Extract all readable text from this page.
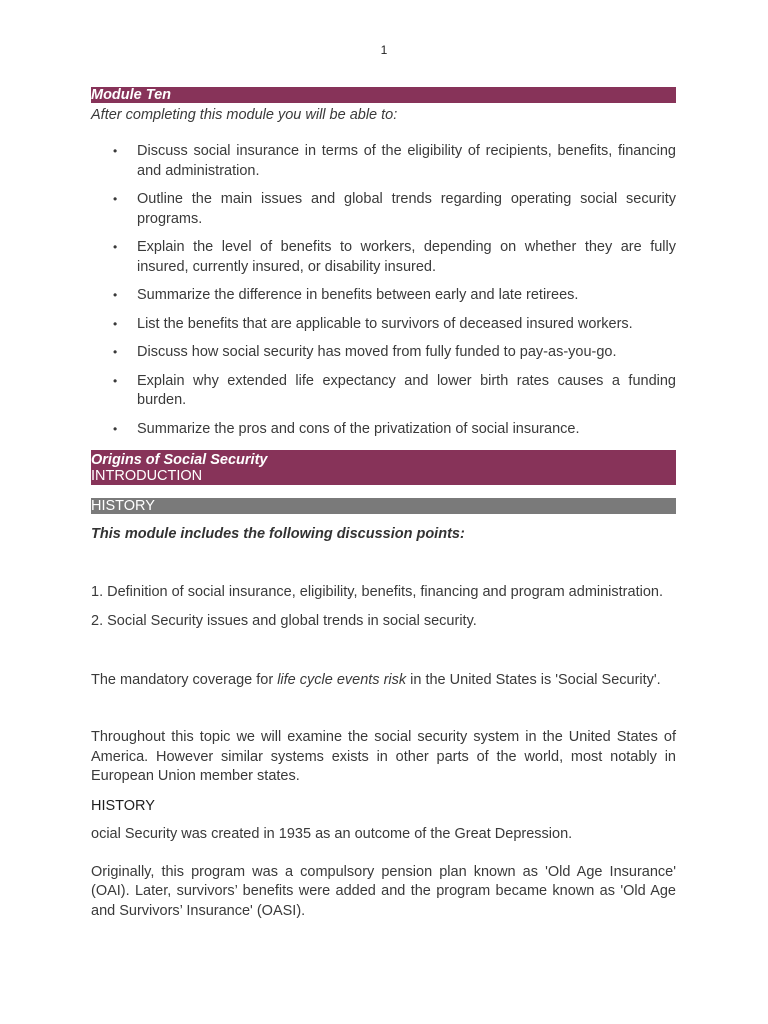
1
Module Ten
After completing this module you will be able to:
• Discuss social insurance in terms of the eligibility of recipients, benefits, financing and administration.
• Outline the main issues and global trends regarding operating social security programs.
• Explain the level of benefits to workers, depending on whether they are fully insured, currently insured, or disability insured.
• Summarize the difference in benefits between early and late retirees.
• List the benefits that are applicable to survivors of deceased insured workers.
• Discuss how social security has moved from fully funded to pay-as-you-go.
• Explain why extended life expectancy and lower birth rates causes a funding burden.
• Summarize the pros and cons of the privatization of social insurance.
Origins of Social Security
INTRODUCTION
HISTORY
This module includes the following discussion points:
1. Definition of social insurance, eligibility, benefits, financing and program administration.
2. Social Security issues and global trends in social security.
The mandatory coverage for life cycle events risk in the United States is 'Social Security'.
Throughout this topic we will examine the social security system in the United States of America. However similar systems exists in other parts of the world, most notably in European Union member states.
HISTORY
ocial Security was created in 1935 as an outcome of the Great Depression.
Originally, this program was a compulsory pension plan known as 'Old Age Insurance' (OAI). Later, survivors’ benefits were added and the program became known as 'Old Age and Survivors’ Insurance' (OASI).
